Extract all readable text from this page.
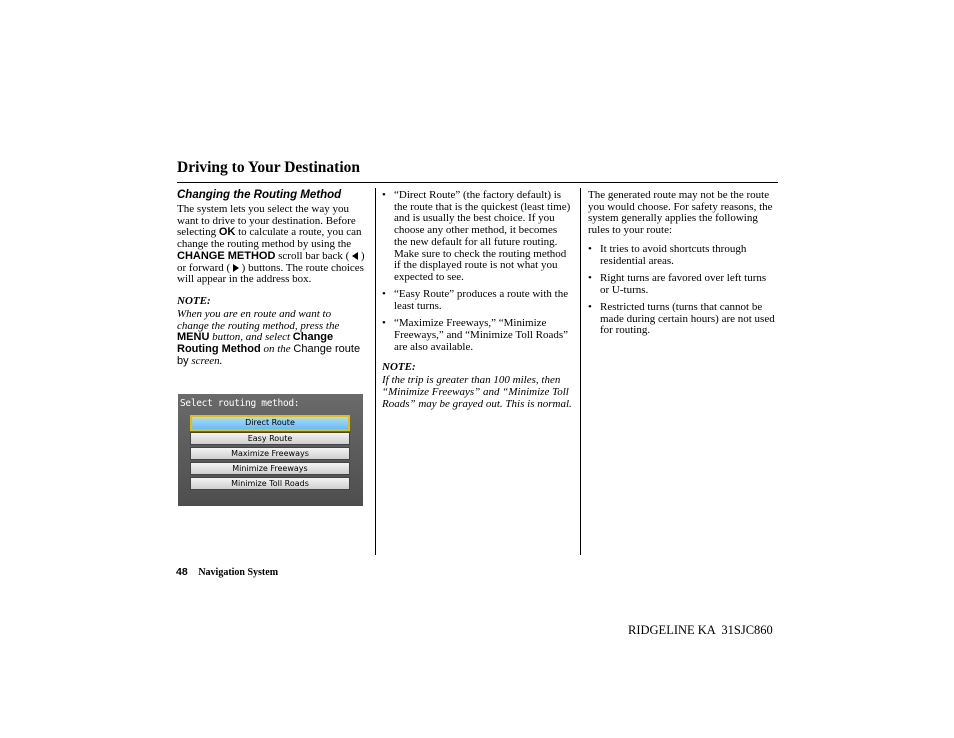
Driving to Your Destination
Changing the Routing Method
The system lets you select the way you want to drive to your destination. Before selecting OK to calculate a route, you can change the routing method by using the CHANGE METHOD scroll bar back (  ) or forward (  ) buttons. The route choices will appear in the address box.
NOTE:
When you are en route and want to change the routing method, press the MENU button, and select Change Routing Method on the Change route by screen.
Select routing method:
Direct Route
Easy Route
Maximize Freeways
Minimize Freeways
Minimize Toll Roads
• “Direct Route” (the factory default) is the route that is the quickest (least time) and is usually the best choice. If you choose any other method, it becomes the new default for all future routing. Make sure to check the routing method if the displayed route is not what you expected to see.
• “Easy Route” produces a route with the least turns.
• “Maximize Freeways,” “Minimize Freeways,” and “Minimize Toll Roads” are also available.
NOTE:
If the trip is greater than 100 miles, then “Minimize Freeways” and “Minimize Toll Roads” may be grayed out. This is normal.
The generated route may not be the route you would choose. For safety reasons, the system generally applies the following rules to your route:
• It tries to avoid shortcuts through residential areas.
• Right turns are favored over left turns or U-turns.
• Restricted turns (turns that cannot be made during certain hours) are not used for routing.
48 Navigation System
RIDGELINE KA  31SJC860
